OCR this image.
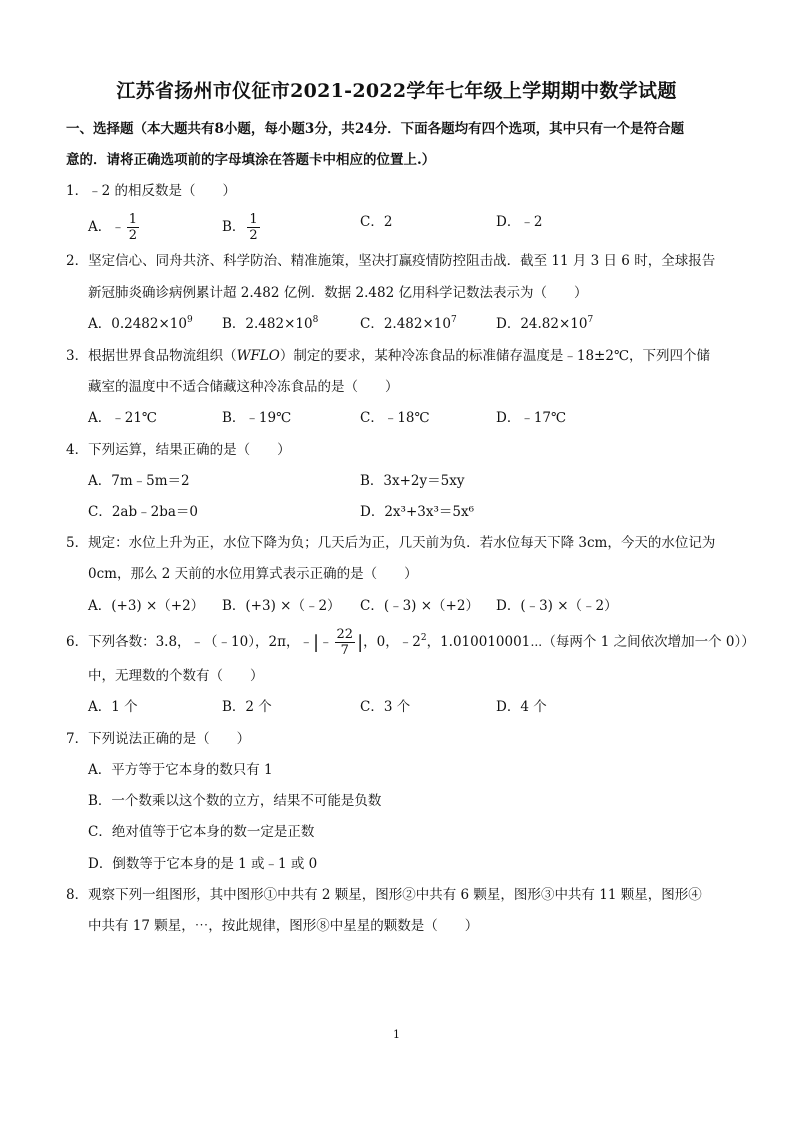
江苏省扬州市仪征市2021-2022学年七年级上学期期中数学试题
一、选择题（本大题共有8小题，每小题3分，共24分．下面各题均有四个选项，其中只有一个是符合题
意的．请将正确选项前的字母填涂在答题卡中相应的位置上.）
1．﹣2 的相反数是（　　）
A．﹣ $\frac{1}{2}$	B． $\frac{1}{2}$	C．2	D．﹣2
2．坚定信心、同舟共济、科学防治、精准施策，坚决打赢疫情防控阻击战．截至 11 月 3 日 6 时，全球报告
新冠肺炎确诊病例累计超 2.482 亿例．数据 2.482 亿用科学记数法表示为（　　）
A．$0.2482\times 10^9$ B．$2.482\times 10^8$	C．$2.482\times 10^7$	D．$24.82\times 10^7$
3．根据世界食品物流组织（WFLO）制定的要求，某种冷冻食品的标准储存温度是﹣18±2℃，下列四个储
藏室的温度中不适合储藏这种冷冻食品的是（　　）
A．﹣21℃	B．﹣19℃	C．﹣18℃	D．﹣17℃
4．下列运算，结果正确的是（　　）
A．7m﹣5m＝2	B．3x+2y＝5xy
C．2ab﹣2ba＝0	D．2x³+3x³＝5x⁶
5．规定：水位上升为正，水位下降为负；几天后为正，几天前为负．若水位每天下降 3cm，今天的水位记为
0cm，那么 2 天前的水位用算式表示正确的是（　　）
A．(+3) ×（+2） B．(+3) ×（﹣2） C．(﹣3) ×（+2） D．(﹣3) ×（﹣2）
6．下列各数：3.8，﹣（﹣10），2π，﹣|﹣ $\frac{22}{7}$ |，0，$﹣2^2$，1.010010001⋯（每两个 1 之间依次增加一个 0））
中，无理数的个数有（　　）
A．1 个	B．2 个	C．3 个	D．4 个
7．下列说法正确的是（　　）
A．平方等于它本身的数只有 1
B．一个数乘以这个数的立方，结果不可能是负数
C．绝对值等于它本身的数一定是正数
D．倒数等于它本身的是 1 或﹣1 或 0
8．观察下列一组图形，其中图形①中共有 2 颗星，图形②中共有 6 颗星，图形③中共有 11 颗星，图形④
中共有 17 颗星，⋯，按此规律，图形⑧中星星的颗数是（　　）
1
